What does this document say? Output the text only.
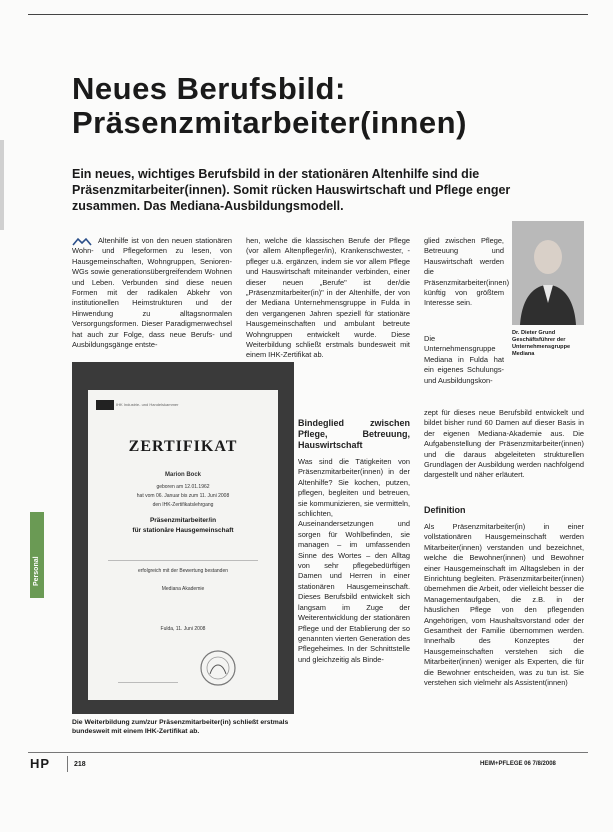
Neues Berufsbild:
Präsenzmitarbeiter(innen)
Ein neues, wichtiges Berufsbild in der stationären Altenhilfe sind die Präsenzmitarbeiter(innen). Somit rücken Hauswirtschaft und Pflege enger zusammen. Das Mediana-Ausbildungsmodell.

Altenhilfe ist von den neuen stationären Wohn- und Pflegeformen zu lesen, von Hausgemeinschaften, Wohngruppen, Senioren-WGs sowie generationsübergreifendem Wohnen und Leben. Verbunden sind diese neuen Formen mit der radikalen Abkehr von institutionellen Heimstrukturen und der Hinwendung zu alltagsnormalen Versorgungsformen. Dieser Paradigmenwechsel hat auch zur Folge, dass neue Berufs- und Ausbildungsgänge entste-

hen, welche die klassischen Berufe der Pflege (vor allem Altenpfleger/in), Krankenschwester, -pfleger u.ä. ergänzen, indem sie vor allem Pflege und Hauswirtschaft miteinander verbinden, einer dieser neuen „Berufe" ist der/die „Präsenzmitarbeiter(in)" in der Altenhilfe, der von der Mediana Unternehmensgruppe in Fulda in den vergangenen Jahren speziell für stationäre Hausgemeinschaften und ambulant betreute Wohngruppen entwickelt wurde. Diese Weiterbildung schließt erstmals bundesweit mit einem IHK-Zertifikat ab.

Bindeglied zwischen Pflege, Betreuung, Hauswirtschaft

Was sind die Tätigkeiten von Präsenzmitarbeiter(innen) in der Altenhilfe? Sie kochen, putzen, pflegen, begleiten und betreuen, sie kommunizieren, sie vermitteln, schlichten, Auseinandersetzungen und sorgen für Wohlbefinden, sie managen – im umfassenden Sinne des Wortes – den Alltag von sehr pflegebedürftigen Damen und Herren in einer stationären Hausgemeinschaft. Dieses Berufsbild entwickelt sich langsam im Zuge der Weiterentwicklung der stationären Pflege und der Etablierung der so genannten vierten Generation des Pflegeheimes. In der Schnittstelle und gleichzeitig als Binde-

glied zwischen Pflege, Betreuung und Hauswirtschaft werden die Präsenzmitarbeiter(innen) künftig von größtem Interesse sein.

Dr. Dieter Grund
Geschäftsführer der Unternehmensgruppe Mediana

Die Unternehmensgruppe Mediana in Fulda hat ein eigenes Schulungs- und Ausbildungskon-

zept für dieses neue Berufsbild entwickelt und bildet bisher rund 60 Damen auf dieser Basis in der eigenen Mediana-Akademie aus. Die Aufgabenstellung der Präsenzmitarbeiter(innen) und die daraus abgeleiteten strukturellen Grundlagen der Ausbildung werden nachfolgend dargestellt und näher erläutert.

Definition

Als Präsenzmitarbeiter(in) in einer vollstationären Hausgemeinschaft werden Mitarbeiter(innen) verstanden und bezeichnet, welche die Bewohner(innen) und Bewohner einer Hausgemeinschaft im Alltagsleben in der Einrichtung begleiten. Präsenzmitarbeiter(innen) übernehmen die Arbeit, oder vielleicht besser die Managementaufgaben, die z.B. in der häuslichen Pflege von den pflegenden Angehörigen, vom Haushaltsvorstand oder der Gesamtheit der Familie übernommen werden. Innerhalb des Konzeptes der Hausgemeinschaften verstehen sich die Mitarbeiter(innen) weniger als Experten, die für die Bewohner entscheiden, was zu tun ist. Sie verstehen sich vielmehr als Assistent(innen)

IHK Industrie- und Handelskammer
ZERTIFIKAT
Marion Bock
geboren am 12.01.1962
hat vom 06. Januar bis zum 11. Juni 2008
den IHK-Zertifikatslehrgang
Präsenzmitarbeiter/in
für stationäre Hausgemeinschaft
erfolgreich mit der Bewertung bestanden
Mediana Akademie
Fulda, 11. Juni 2008
Die Weiterbildung zum/zur Präsenzmitarbeiter(in) schließt erstmals bundesweit mit einem IHK-Zertifikat ab.
Personal
HP	218	HEIM+PFLEGE 06 7/8/2008
